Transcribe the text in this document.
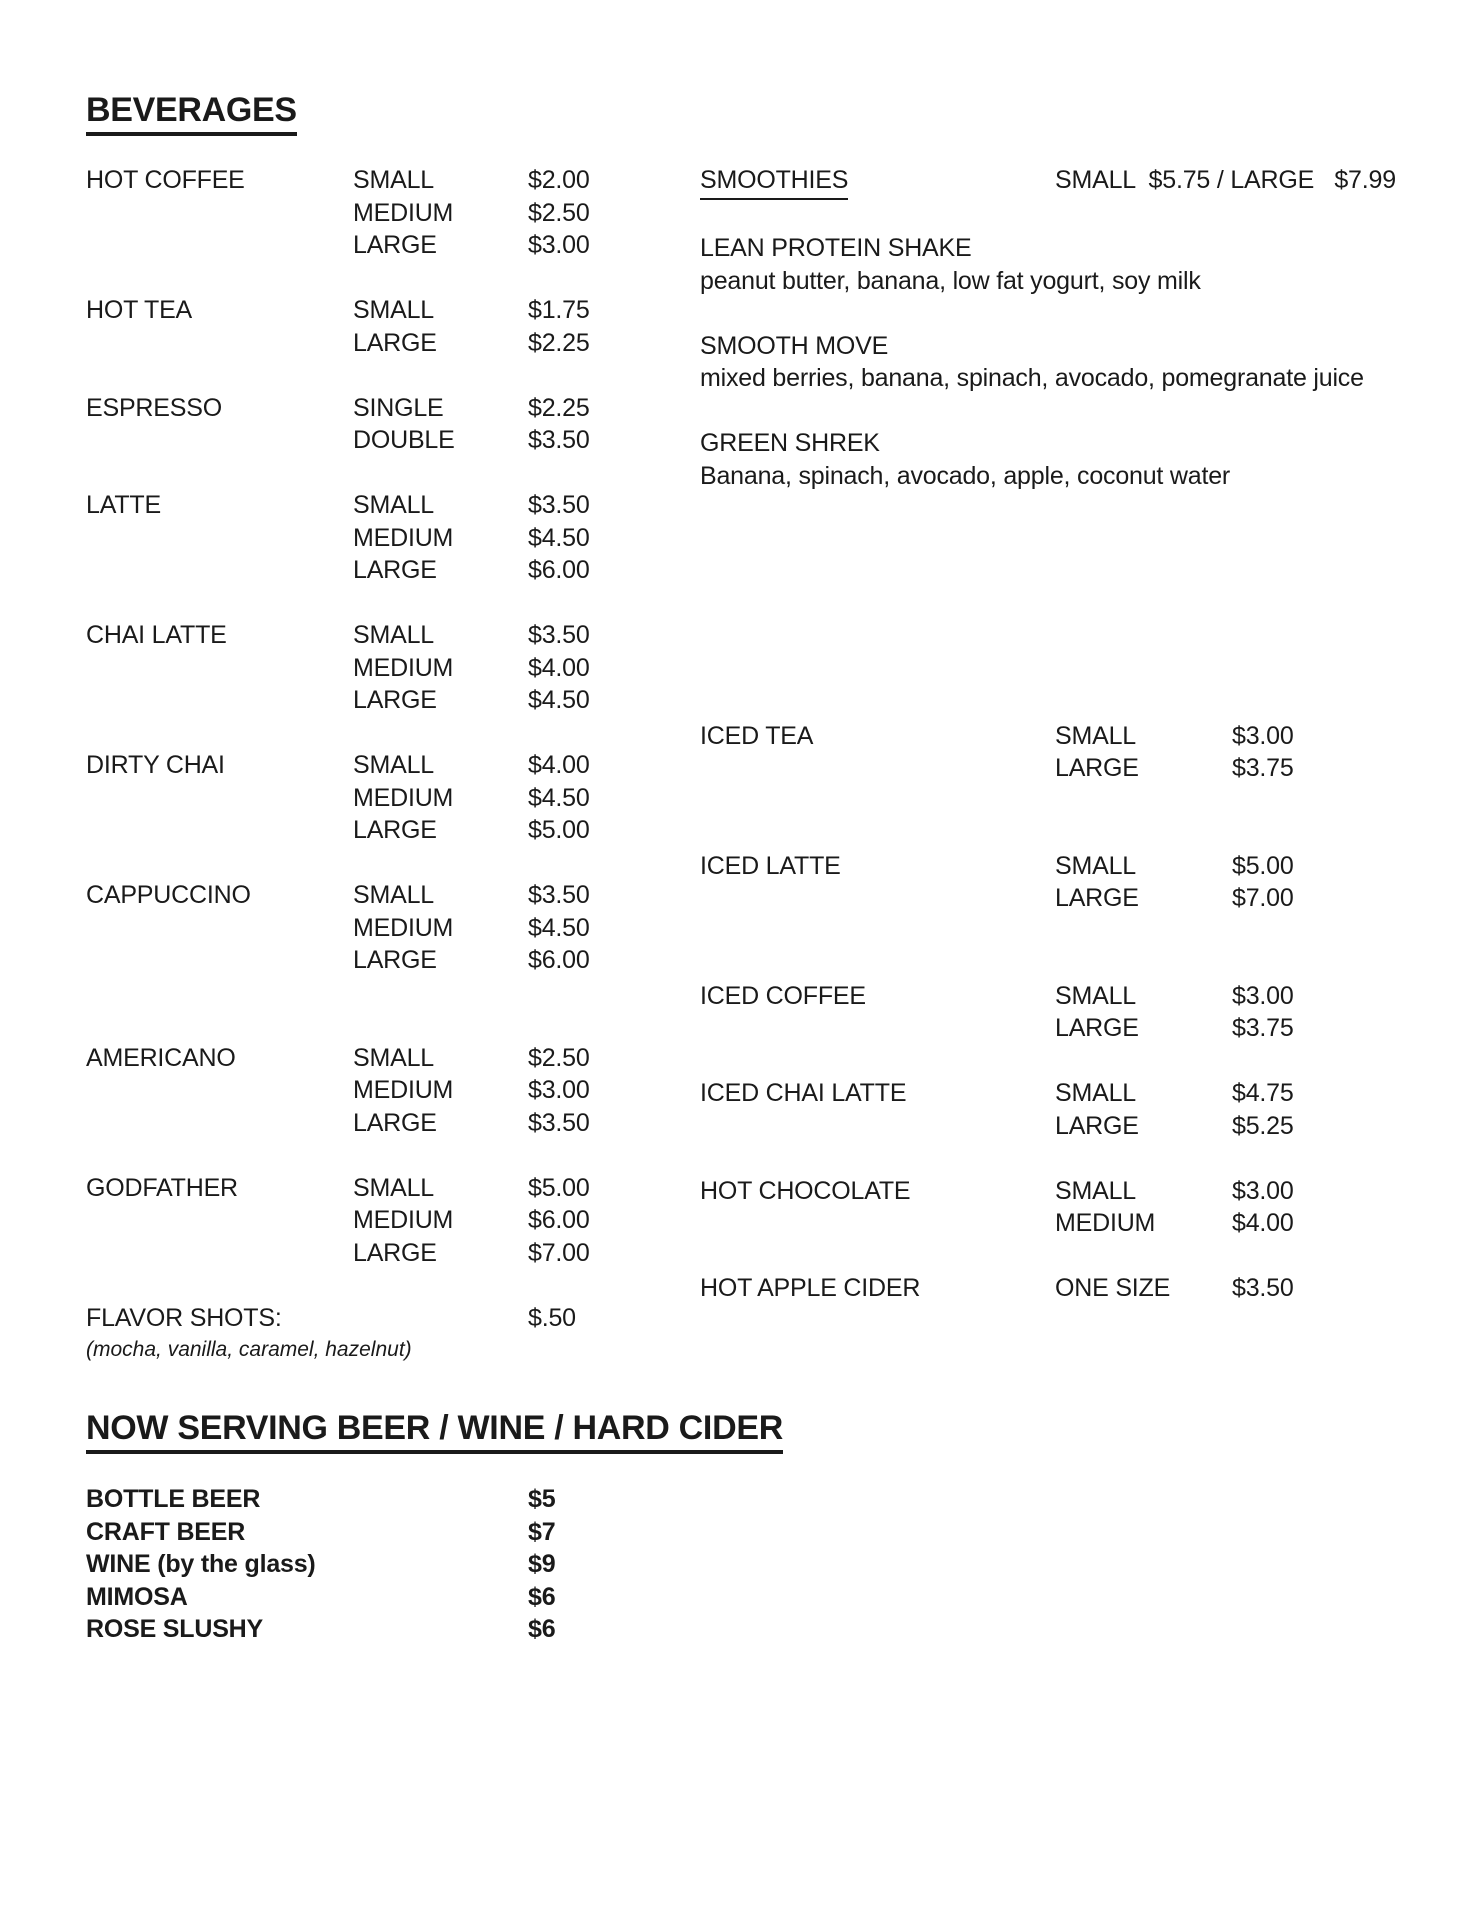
BEVERAGES
HOT COFFEE	SMALL	$2.00
MEDIUM	$2.50
LARGE	$3.00
HOT TEA	SMALL	$1.75
LARGE	$2.25
ESPRESSO	SINGLE	$2.25
DOUBLE	$3.50
LATTE	SMALL	$3.50
MEDIUM	$4.50
LARGE	$6.00
CHAI LATTE	SMALL	$3.50
MEDIUM	$4.00
LARGE	$4.50
DIRTY CHAI	SMALL	$4.00
MEDIUM	$4.50
LARGE	$5.00
CAPPUCCINO	SMALL	$3.50
MEDIUM	$4.50
LARGE	$6.00
AMERICANO	SMALL	$2.50
MEDIUM	$3.00
LARGE	$3.50
GODFATHER	SMALL	$5.00
MEDIUM	$6.00
LARGE	$7.00
FLAVOR SHOTS:	$.50
(mocha, vanilla, caramel, hazelnut)
SMOOTHIES	SMALL  $5.75 / LARGE   $7.99
LEAN PROTEIN SHAKE
peanut butter, banana, low fat yogurt, soy milk
SMOOTH MOVE
mixed berries, banana, spinach, avocado, pomegranate juice
GREEN SHREK
Banana, spinach, avocado, apple, coconut water
ICED TEA	SMALL	$3.00
LARGE	$3.75
ICED LATTE	SMALL	$5.00
LARGE	$7.00
ICED COFFEE	SMALL	$3.00
LARGE	$3.75
ICED CHAI LATTE	SMALL	$4.75
LARGE	$5.25
HOT CHOCOLATE	SMALL	$3.00
MEDIUM	$4.00
HOT APPLE CIDER	ONE SIZE	$3.50
NOW SERVING BEER / WINE / HARD CIDER
BOTTLE BEER	$5
CRAFT BEER	$7
WINE (by the glass)	$9
MIMOSA	$6
ROSE SLUSHY	$6
